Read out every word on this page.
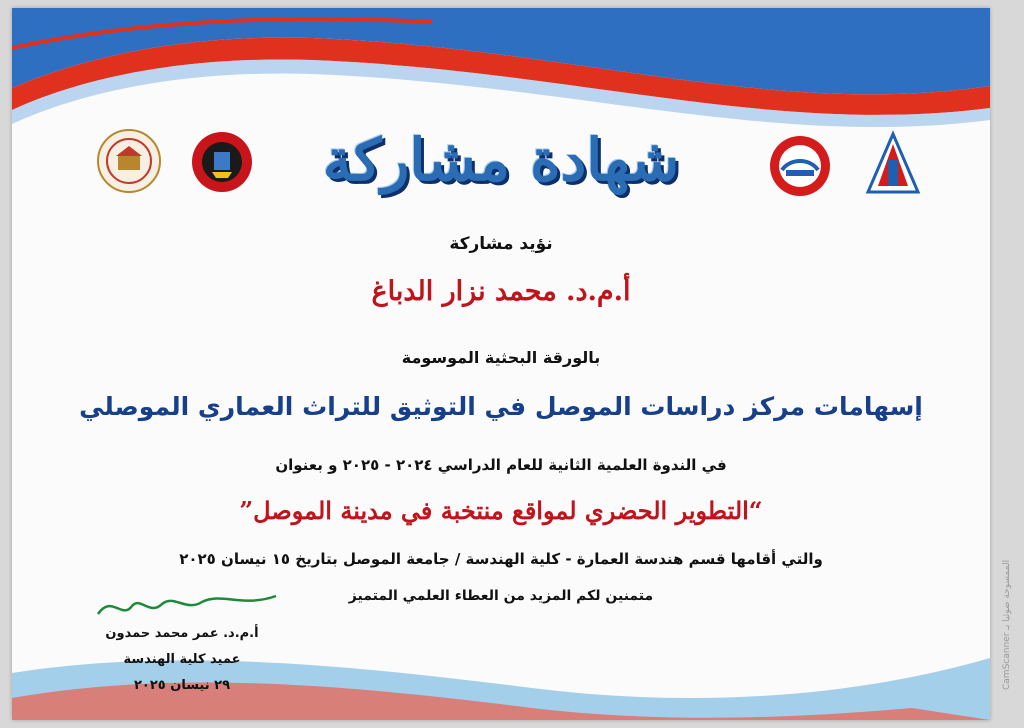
شهادة مشاركة
نؤيد مشاركة
أ.م.د. محمد نزار الدباغ
بالورقة البحثية الموسومة
إسهامات مركز دراسات الموصل في التوثيق للتراث العماري الموصلي
في الندوة العلمية الثانية للعام الدراسي ٢٠٢٤ - ٢٠٢٥ و بعنوان
“التطوير الحضري لمواقع منتخبة في مدينة الموصل”
والتي أقامها قسم هندسة العمارة - كلية الهندسة / جامعة الموصل بتاريخ ١٥ نيسان ٢٠٢٥
متمنين لكم المزيد من العطاء العلمي المتميز
أ.م.د. عمر محمد حمدون
عميد كلية الهندسة
٢٩ نيسان ٢٠٢٥	CamScanner الممسوحة ضوئيا بـ
